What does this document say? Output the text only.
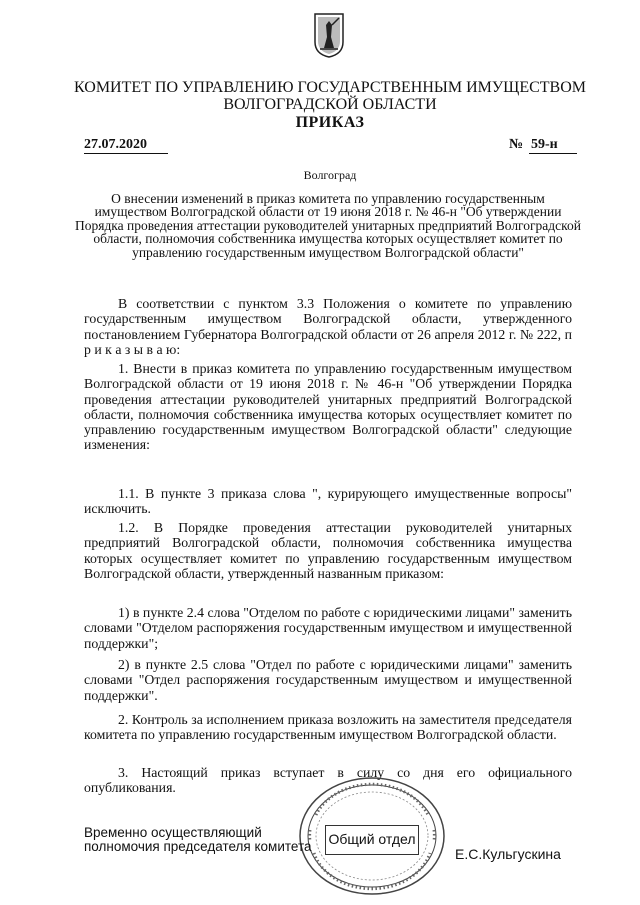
КОМИТЕТ ПО УПРАВЛЕНИЮ ГОСУДАРСТВЕННЫМ ИМУЩЕСТВОМ
ВОЛГОГРАДСКОЙ ОБЛАСТИ
ПРИКАЗ
27.07.2020	№ 59-н
Волгоград
О внесении изменений в приказ комитета по управлению государственным имуществом Волгоградской области от 19 июня 2018 г. № 46-н "Об утверждении Порядка проведения аттестации руководителей унитарных предприятий Волгоградской области, полномочия собственника имущества которых осуществляет комитет по управлению государственным имуществом Волгоградской области"

В соответствии с пунктом 3.3 Положения о комитете по управлению государственным имуществом Волгоградской области, утвержденного постановлением Губернатора Волгоградской области от 26 апреля 2012 г. № 222, п р и к а з ы в а ю:

1. Внести в приказ комитета по управлению государственным имуществом Волгоградской области от 19 июня 2018 г. № 46-н "Об утверждении Порядка проведения аттестации руководителей унитарных предприятий Волгоградской области, полномочия собственника имущества которых осуществляет комитет по управлению государственным имуществом Волгоградской области" следующие изменения:

1.1. В пункте 3 приказа слова ", курирующего имущественные вопросы" исключить.

1.2. В Порядке проведения аттестации руководителей унитарных предприятий Волгоградской области, полномочия собственника имущества которых осуществляет комитет по управлению государственным имуществом Волгоградской области, утвержденный названным приказом:

1) в пункте 2.4 слова "Отделом по работе с юридическими лицами" заменить словами "Отделом распоряжения государственным имуществом и имущественной поддержки";

2) в пункте 2.5 слова "Отдел по работе с юридическими лицами" заменить словами "Отдел распоряжения государственным имуществом и имущественной поддержки".

2. Контроль за исполнением приказа возложить на заместителя председателя комитета по управлению государственным имуществом Волгоградской области.

3. Настоящий приказ вступает в силу со дня его официального опубликования.

Общий отдел
Временно осуществляющий
полномочия председателя комитета	Е.С.Кульгускина
